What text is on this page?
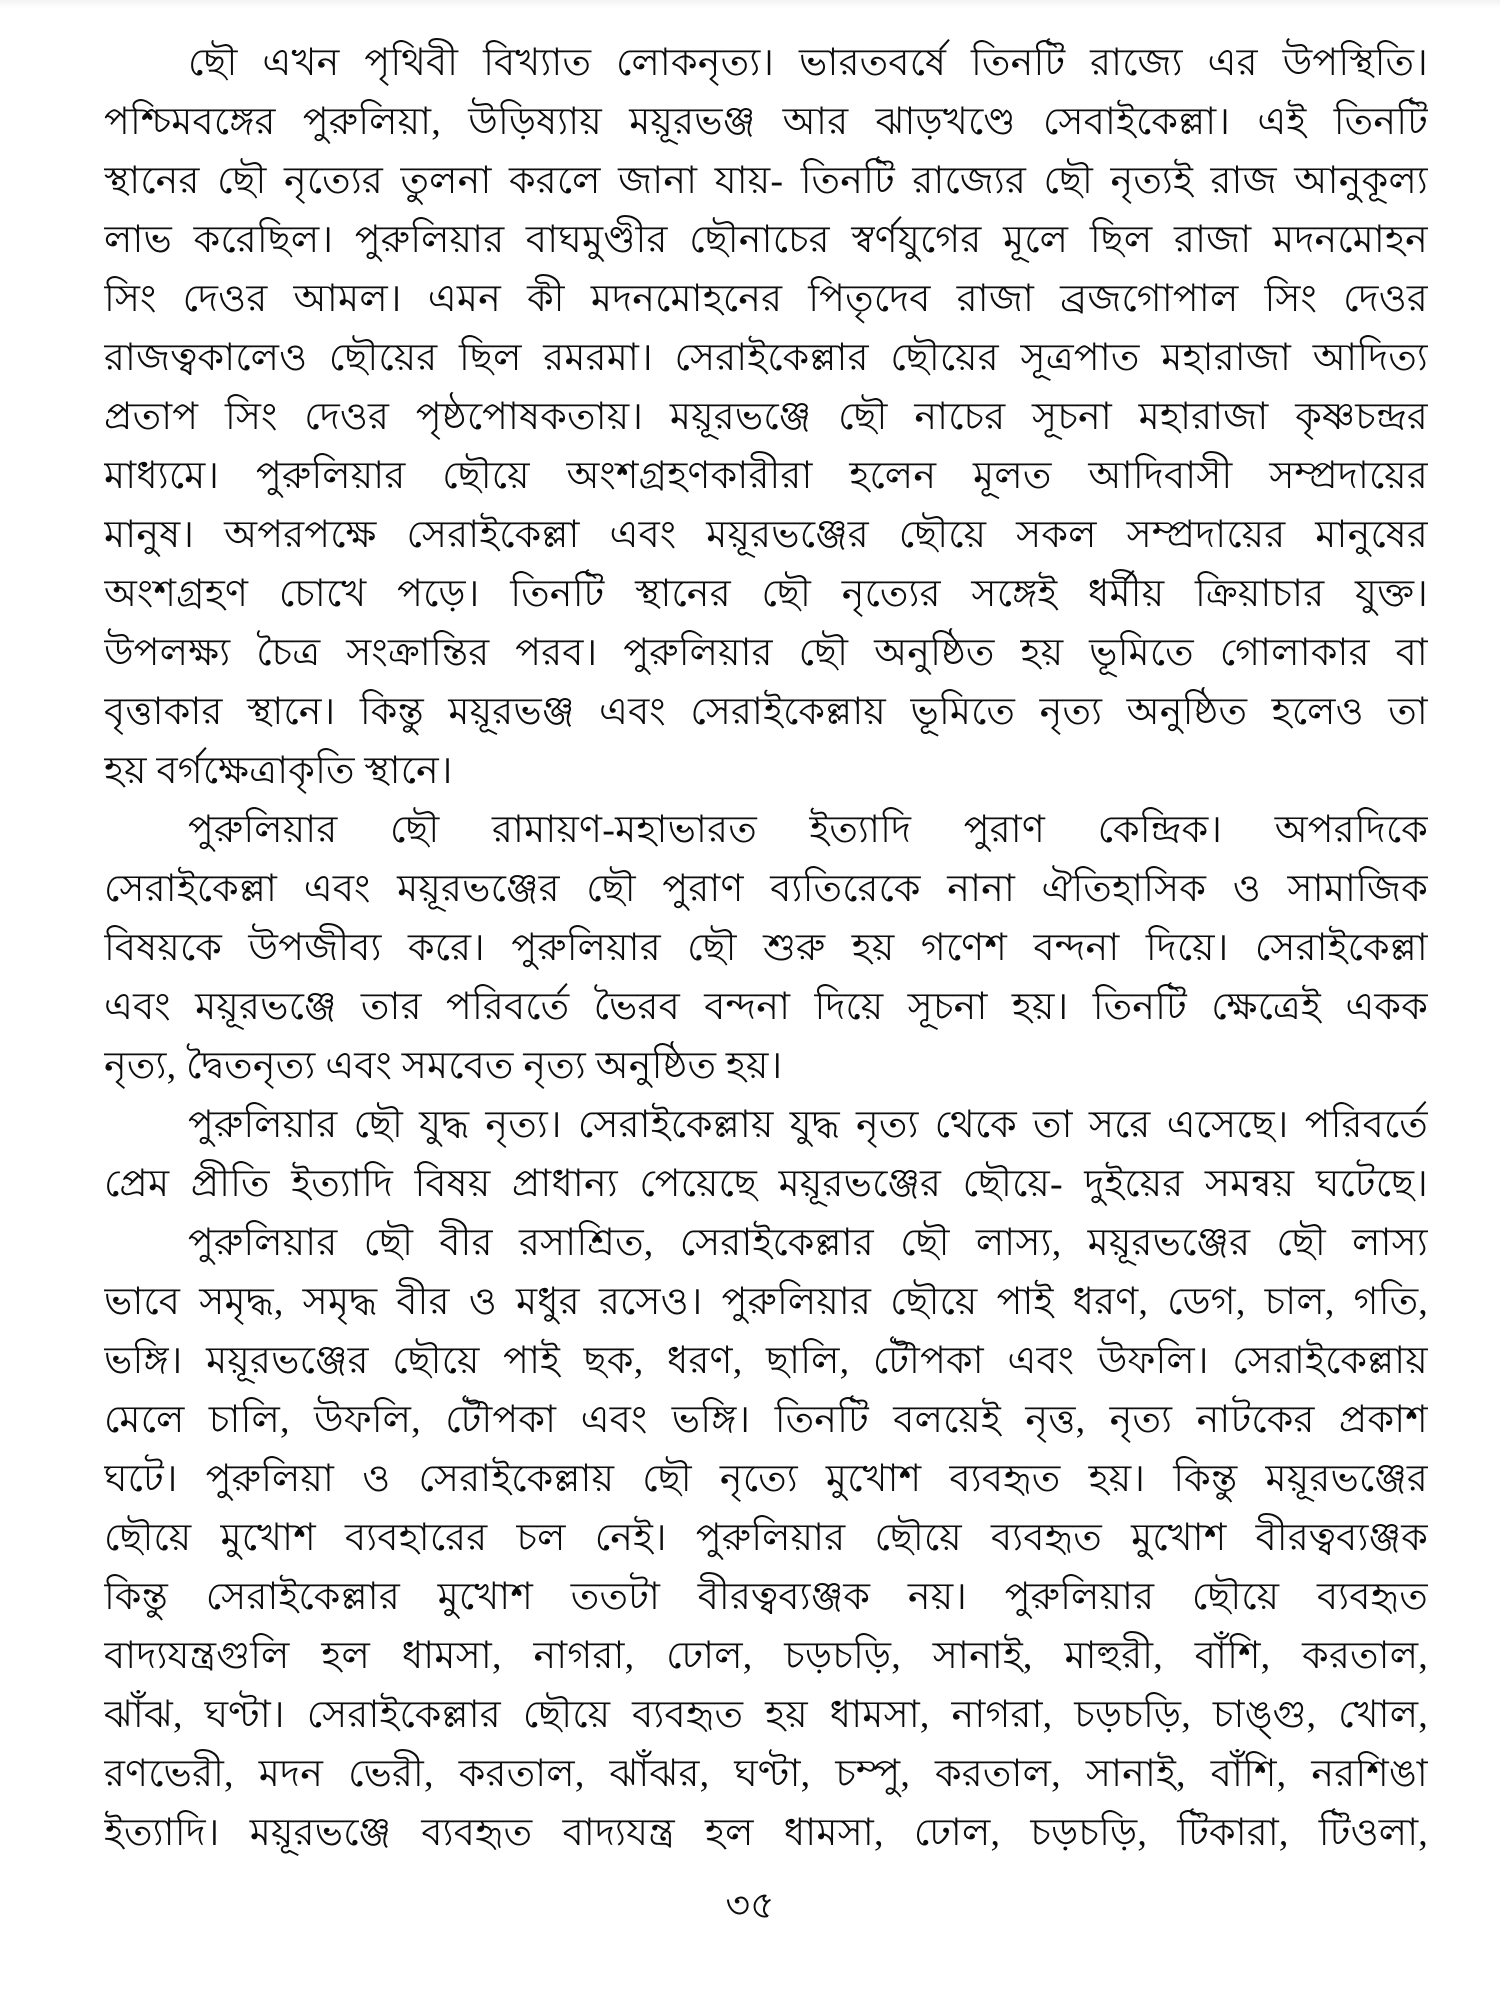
ছৌ এখন পৃথিবী বিখ্যাত লোকনৃত্য। ভারতবর্ষে তিনটি রাজ্যে এর উপস্থিতি।
পশ্চিমবঙ্গের পুরুলিয়া, উড়িষ্যায় ময়ূরভঞ্জ আর ঝাড়খণ্ডে সেবাইকেল্লা। এই তিনটি
স্থানের ছৌ নৃত্যের তুলনা করলে জানা যায়- তিনটি রাজ্যের ছৌ নৃত্যই রাজ আনুকূল্য
লাভ করেছিল। পুরুলিয়ার বাঘমুণ্ডীর ছৌনাচের স্বর্ণযুগের মূলে ছিল রাজা মদনমোহন
সিং দেওর আমল। এমন কী মদনমোহনের পিতৃদেব রাজা ব্রজগোপাল সিং দেওর
রাজত্বকালেও ছৌয়ের ছিল রমরমা। সেরাইকেল্লার ছৌয়ের সূত্রপাত মহারাজা আদিত্য
প্রতাপ সিং দেওর পৃষ্ঠপোষকতায়। ময়ূরভঞ্জে ছৌ নাচের সূচনা মহারাজা কৃষ্ণচন্দ্রর
মাধ্যমে। পুরুলিয়ার ছৌয়ে অংশগ্রহণকারীরা হলেন মূলত আদিবাসী সম্প্রদায়ের
মানুষ। অপরপক্ষে সেরাইকেল্লা এবং ময়ূরভঞ্জের ছৌয়ে সকল সম্প্রদায়ের মানুষের
অংশগ্রহণ চোখে পড়ে। তিনটি স্থানের ছৌ নৃত্যের সঙ্গেই ধর্মীয় ক্রিয়াচার যুক্ত।
উপলক্ষ্য চৈত্র সংক্রান্তির পরব। পুরুলিয়ার ছৌ অনুষ্ঠিত হয় ভূমিতে গোলাকার বা
বৃত্তাকার স্থানে। কিন্তু ময়ূরভঞ্জ এবং সেরাইকেল্লায় ভূমিতে নৃত্য অনুষ্ঠিত হলেও তা
হয় বর্গক্ষেত্রাকৃতি স্থানে।
পুরুলিয়ার ছৌ রামায়ণ-মহাভারত ইত্যাদি পুরাণ কেন্দ্রিক। অপরদিকে
সেরাইকেল্লা এবং ময়ূরভঞ্জের ছৌ পুরাণ ব্যতিরেকে নানা ঐতিহাসিক ও সামাজিক
বিষয়কে উপজীব্য করে। পুরুলিয়ার ছৌ শুরু হয় গণেশ বন্দনা দিয়ে। সেরাইকেল্লা
এবং ময়ূরভঞ্জে তার পরিবর্তে ভৈরব বন্দনা দিয়ে সূচনা হয়। তিনটি ক্ষেত্রেই একক
নৃত্য, দ্বৈতনৃত্য এবং সমবেত নৃত্য অনুষ্ঠিত হয়।
পুরুলিয়ার ছৌ যুদ্ধ নৃত্য। সেরাইকেল্লায় যুদ্ধ নৃত্য থেকে তা সরে এসেছে। পরিবর্তে
প্রেম প্রীতি ইত্যাদি বিষয় প্রাধান্য পেয়েছে ময়ূরভঞ্জের ছৌয়ে- দুইয়ের সমন্বয় ঘটেছে।
পুরুলিয়ার ছৌ বীর রসাশ্রিত, সেরাইকেল্লার ছৌ লাস্য, ময়ূরভঞ্জের ছৌ লাস্য
ভাবে সমৃদ্ধ, সমৃদ্ধ বীর ও মধুর রসেও। পুরুলিয়ার ছৌয়ে পাই ধরণ, ডেগ, চাল, গতি,
ভঙ্গি। ময়ূরভঞ্জের ছৌয়ে পাই ছক, ধরণ, ছালি, টৌপকা এবং উফলি। সেরাইকেল্লায়
মেলে চালি, উফলি, টৌপকা এবং ভঙ্গি। তিনটি বলয়েই নৃত্ত, নৃত্য নাটকের প্রকাশ
ঘটে। পুরুলিয়া ও সেরাইকেল্লায় ছৌ নৃত্যে মুখোশ ব্যবহৃত হয়। কিন্তু ময়ূরভঞ্জের
ছৌয়ে মুখোশ ব্যবহারের চল নেই। পুরুলিয়ার ছৌয়ে ব্যবহৃত মুখোশ বীরত্বব্যঞ্জক
কিন্তু সেরাইকেল্লার মুখোশ ততটা বীরত্বব্যঞ্জক নয়। পুরুলিয়ার ছৌয়ে ব্যবহৃত
বাদ্যযন্ত্রগুলি হল ধামসা, নাগরা, ঢোল, চড়চড়ি, সানাই, মাহুরী, বাঁশি, করতাল,
ঝাঁঝ, ঘণ্টা। সেরাইকেল্লার ছৌয়ে ব্যবহৃত হয় ধামসা, নাগরা, চড়চড়ি, চাঙ্গু, খোল,
রণভেরী, মদন ভেরী, করতাল, ঝাঁঝর, ঘণ্টা, চম্পু, করতাল, সানাই, বাঁশি, নরশিঙা
ইত্যাদি। ময়ূরভঞ্জে ব্যবহৃত বাদ্যযন্ত্র হল ধামসা, ঢোল, চড়চড়ি, টিকারা, টিওলা,
৩৫
